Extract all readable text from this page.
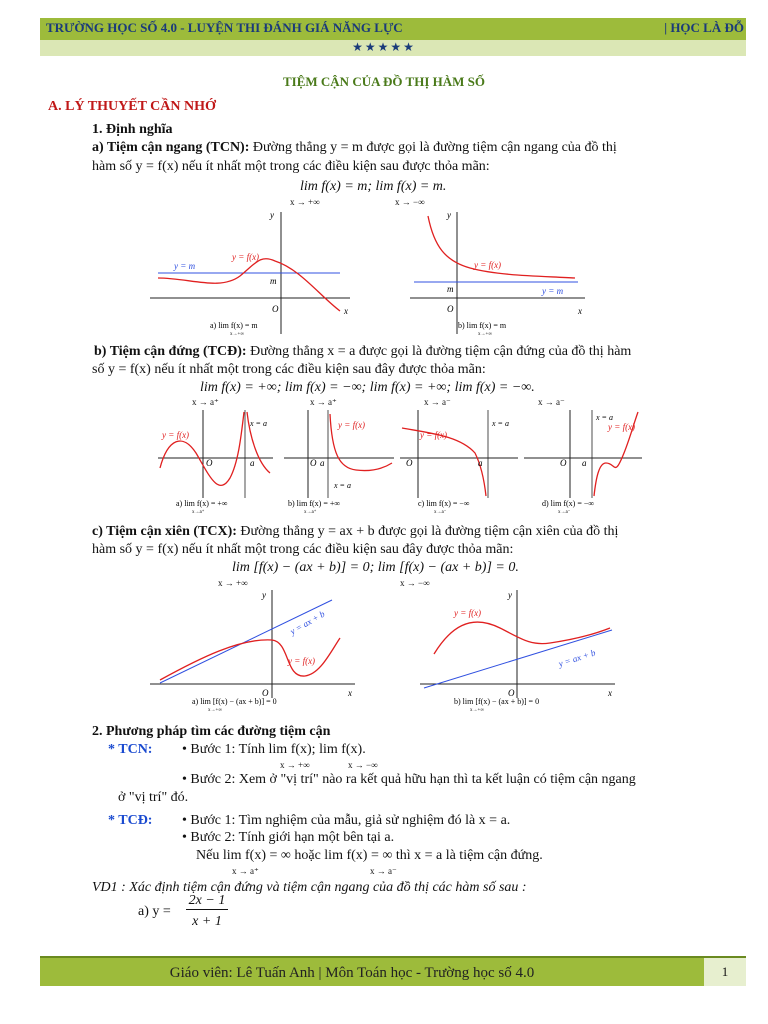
TRƯỜNG HỌC SỐ 4.0 - LUYỆN THI ĐÁNH GIÁ NĂNG LỰC	| HỌC LÀ ĐỖ
★★★★★
TIỆM CẬN CỦA ĐỒ THỊ HÀM SỐ
A. LÝ THUYẾT CẦN NHỚ
1. Định nghĩa
a) Tiệm cận ngang (TCN): Đường thẳng y = m được gọi là đường tiệm cận ngang của đồ thị
hàm số y = f(x) nếu ít nhất một trong các điều kiện sau được thỏa mãn:
lim f(x) = m; lim f(x) = m.
x → +∞	x → −∞
y = m
y = f(x)
m
O	x
y
a) lim f(x) = m
x→+∞
y = f(x)
y = m
m
O	x
y
b) lim f(x) = m
x→+∞
b) Tiệm cận đứng (TCĐ): Đường thẳng x = a được gọi là đường tiệm cận đứng của đồ thị hàm
số y = f(x) nếu ít nhất một trong các điều kiện sau đây được thỏa mãn:
lim f(x) = +∞; lim f(x) = −∞; lim f(x) = +∞; lim f(x) = −∞.
x → a⁺	x → a⁺	x → a⁻	x → a⁻
y = f(x)
O	a
x = a
a) lim f(x) = +∞
x→a⁺
y = f(x)
O a
x = a
b) lim f(x) = +∞
x→a⁺
y = f(x)
O	a
x = a
c) lim f(x) = −∞
x→a⁻
y = f(x)
O a
x = a
d) lim f(x) = −∞
x→a⁻
c) Tiệm cận xiên (TCX): Đường thẳng y = ax + b được gọi là đường tiệm cận xiên của đồ thị
hàm số y = f(x) nếu ít nhất một trong các điều kiện sau đây được thỏa mãn:
lim [f(x) − (ax + b)] = 0; lim [f(x) − (ax + b)] = 0.
x → +∞	x → −∞
y = ax + b
y = f(x)
O	x
y
a) lim [f(x) − (ax + b)] = 0
x→+∞
y = f(x)
y = ax + b
O	x
y
b) lim [f(x) − (ax + b)] = 0
x→+∞
2. Phương pháp tìm các đường tiệm cận
* TCN: • Bước 1: Tính lim f(x); lim f(x).
x → +∞	x → −∞
• Bước 2: Xem ở "vị trí" nào ra kết quả hữu hạn thì ta kết luận có tiệm cận ngang
ở "vị trí" đó.
* TCĐ: • Bước 1: Tìm nghiệm của mẫu, giả sử nghiệm đó là x = a.
• Bước 2: Tính giới hạn một bên tại a.
Nếu lim f(x) = ∞ hoặc lim f(x) = ∞ thì x = a là tiệm cận đứng.
x → a⁺	x → a⁻
VD1 : Xác định tiệm cận đứng và tiệm cận ngang của đồ thị các hàm số sau :
a) y =
2x − 1
x + 1
Giáo viên: Lê Tuấn Anh | Môn Toán học - Trường học số 4.0	1
